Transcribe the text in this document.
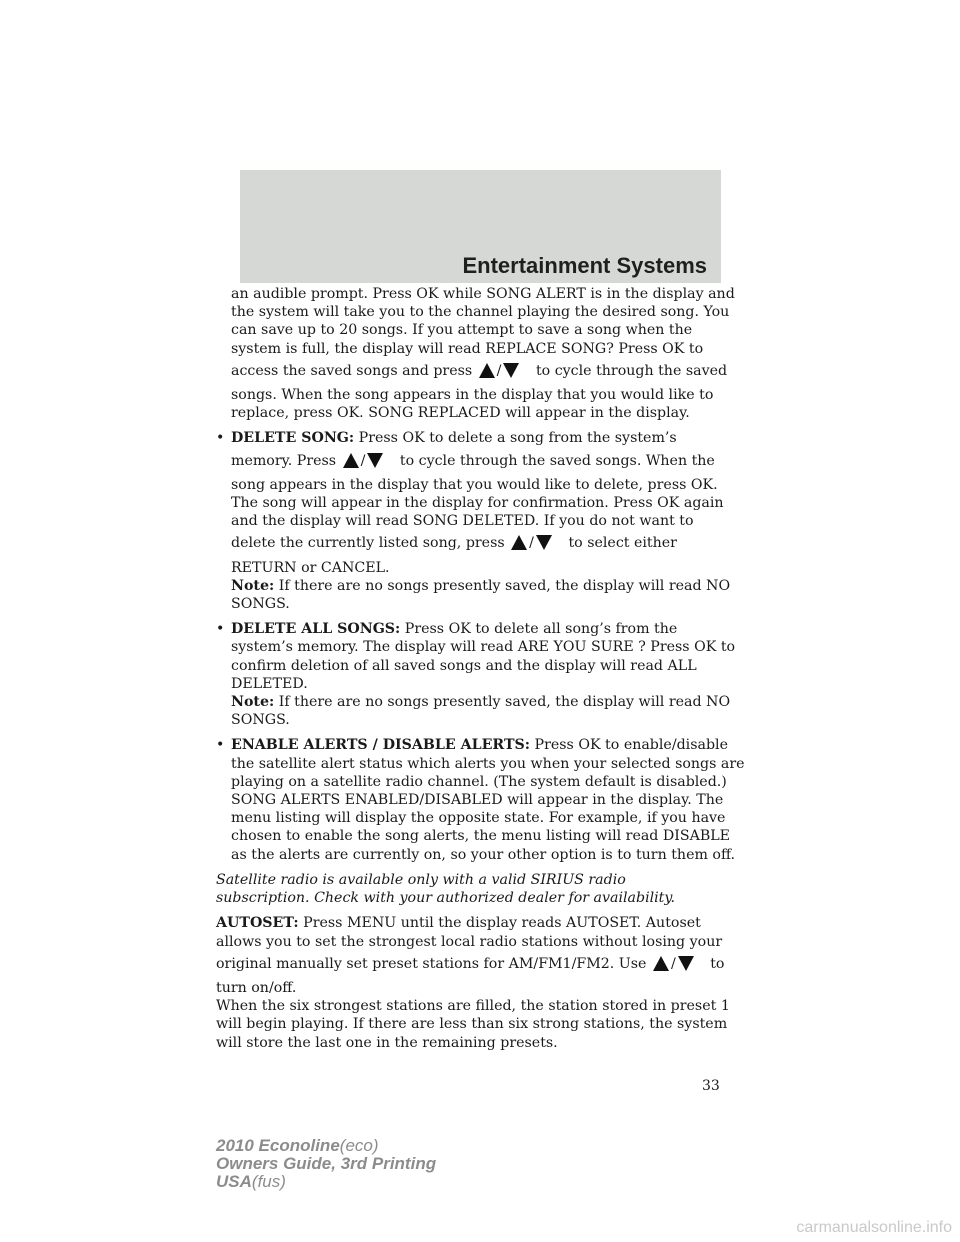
Entertainment Systems
an audible prompt. Press OK while SONG ALERT is in the display and
the system will take you to the channel playing the desired song. You
can save up to 20 songs. If you attempt to save a song when the
system is full, the display will read REPLACE SONG? Press OK to
access the saved songs and press / to cycle through the saved
songs. When the song appears in the display that you would like to
replace, press OK. SONG REPLACED will appear in the display.
• DELETE SONG: Press OK to delete a song from the system’s
memory. Press / to cycle through the saved songs. When the
song appears in the display that you would like to delete, press OK.
The song will appear in the display for confirmation. Press OK again
and the display will read SONG DELETED. If you do not want to
delete the currently listed song, press / to select either
RETURN or CANCEL.
Note: If there are no songs presently saved, the display will read NO
SONGS.
• DELETE ALL SONGS: Press OK to delete all song’s from the
system’s memory. The display will read ARE YOU SURE ? Press OK to
confirm deletion of all saved songs and the display will read ALL
DELETED.
Note: If there are no songs presently saved, the display will read NO
SONGS.
• ENABLE ALERTS / DISABLE ALERTS: Press OK to enable/disable
the satellite alert status which alerts you when your selected songs are
playing on a satellite radio channel. (The system default is disabled.)
SONG ALERTS ENABLED/DISABLED will appear in the display. The
menu listing will display the opposite state. For example, if you have
chosen to enable the song alerts, the menu listing will read DISABLE
as the alerts are currently on, so your other option is to turn them off.
Satellite radio is available only with a valid SIRIUS radio
subscription. Check with your authorized dealer for availability.
AUTOSET: Press MENU until the display reads AUTOSET. Autoset
allows you to set the strongest local radio stations without losing your
original manually set preset stations for AM/FM1/FM2. Use / to
turn on/off.
When the six strongest stations are filled, the station stored in preset 1
will begin playing. If there are less than six strong stations, the system
will store the last one in the remaining presets.
33
2010 Econoline(eco)
Owners Guide, 3rd Printing
USA(fus)
carmanualsonline.info
